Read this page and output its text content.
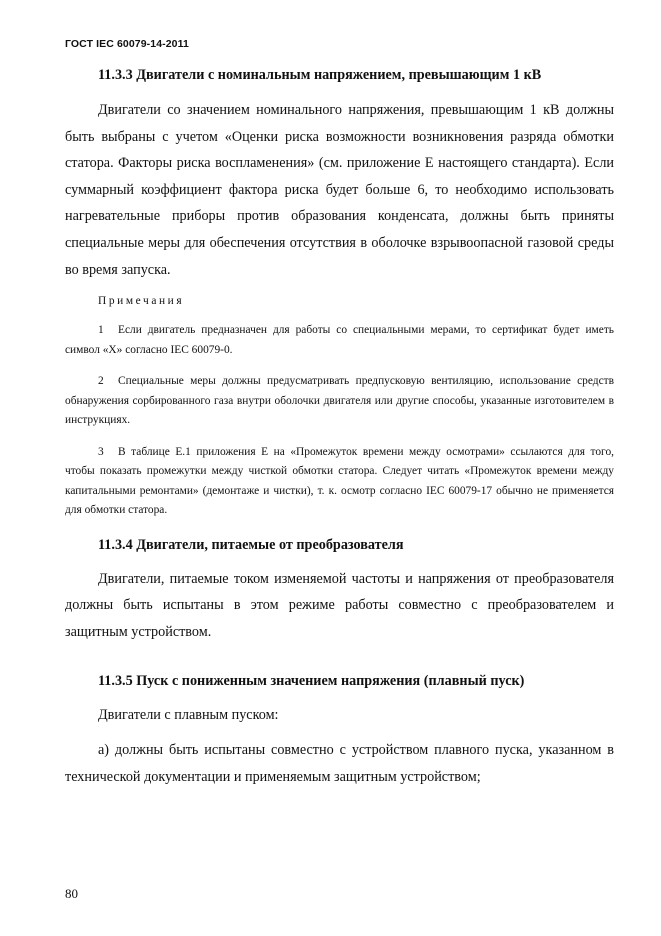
ГОСТ IEC 60079-14-2011
11.3.3 Двигатели с номинальным напряжением, превышающим 1 кВ

Двигатели со значением номинального напряжения, превышающим 1 кВ должны быть выбраны с учетом «Оценки риска возможности возникновения разряда обмотки статора. Факторы риска воспламенения» (см. приложение Е настоящего стандарта). Если суммарный коэффициент фактора риска будет больше 6, то необходимо использовать нагревательные приборы против образования конденсата, должны быть приняты специальные меры для обеспечения отсутствия в оболочке взрывоопасной газовой среды во время запуска.

Примечания

1 Если двигатель предназначен для работы со специальными мерами, то сертификат будет иметь символ «X» согласно IEC 60079-0.

2 Специальные меры должны предусматривать предпусковую вентиляцию, использование средств обнаружения сорбированного газа внутри оболочки двигателя или другие способы, указанные изготовителем в инструкциях.

3 В таблице Е.1 приложения Е на «Промежуток времени между осмотрами» ссылаются для того, чтобы показать промежутки между чисткой обмотки статора. Следует читать «Промежуток времени между капитальными ремонтами» (демонтаже и чистки), т. к. осмотр согласно IEC 60079-17 обычно не применяется для обмотки статора.

11.3.4 Двигатели, питаемые от преобразователя

Двигатели, питаемые током изменяемой частоты и напряжения от преобразователя должны быть испытаны в этом режиме работы совместно с преобразователем и защитным устройством.

11.3.5 Пуск с пониженным значением напряжения (плавный пуск)

Двигатели с плавным пуском:

а) должны быть испытаны совместно с устройством плавного пуска, указанном в технической документации и применяемым защитным устройством;

80
